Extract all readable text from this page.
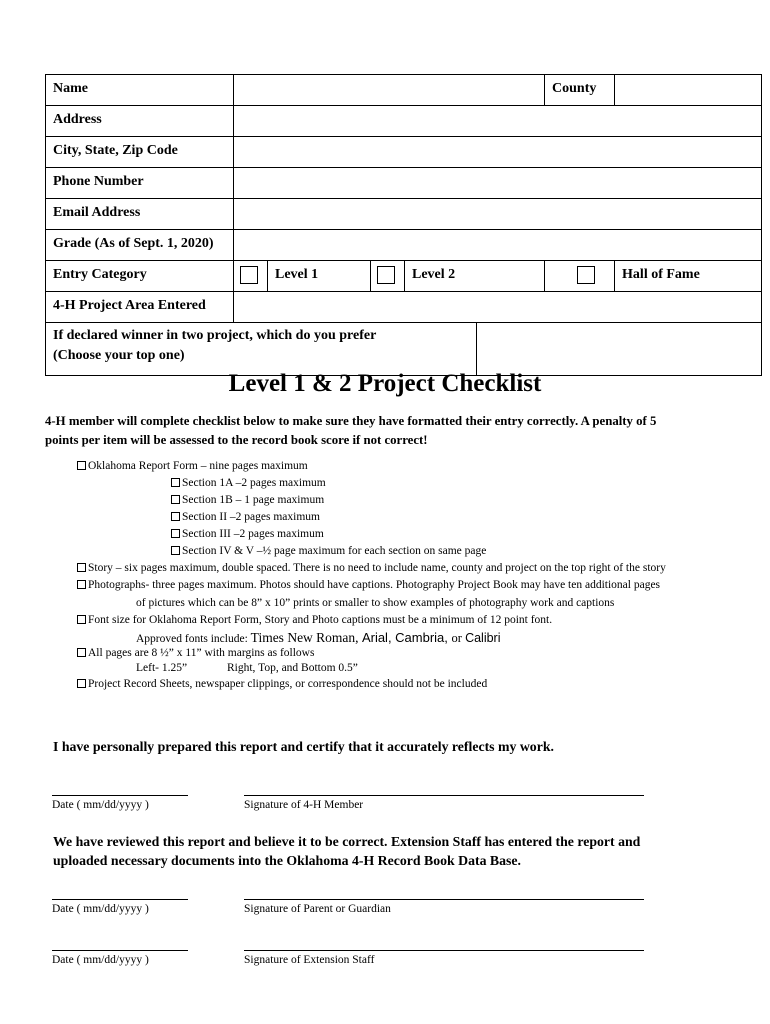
Name						County	

Address							

City, State, Zip Code							

Phone Number							

Email Address							

Grade (As of Sept. 1, 2020)							

Entry Category		Level 1		Level 2			Hall of Fame

4-H Project Area Entered							

If declared winner in two project, which do you prefer
(Choose your top one)							

Level 1 & 2 Project Checklist
4-H member will complete checklist below to make sure they have formatted their entry correctly. A penalty of 5
points per item will be assessed to the record book score if not correct!
Oklahoma Report Form – nine pages maximum
Section 1A –2 pages maximum
Section 1B – 1 page maximum
Section II –2 pages maximum
Section III –2 pages maximum
Section IV & V –½ page maximum for each section on same page
Story – six pages maximum, double spaced. There is no need to include name, county and project on the top right of the story
Photographs- three pages maximum. Photos should have captions. Photography Project Book may have ten additional pages
of pictures which can be 8” x 10” prints or smaller to show examples of photography work and captions
Font size for Oklahoma Report Form, Story and Photo captions must be a minimum of 12 point font.
Approved fonts include: Times New Roman, Arial, Cambria, or Calibri
All pages are 8 ½” x 11” with margins as follows
Left- 1.25”	Right, Top, and Bottom 0.5”
Project Record Sheets, newspaper clippings, or correspondence should not be included
I have personally prepared this report and certify that it accurately reflects my work.
Date ( mm/dd/yyyy )	Signature of 4-H Member
We have reviewed this report and believe it to be correct. Extension Staff has entered the report and
uploaded necessary documents into the Oklahoma 4-H Record Book Data Base.
Date ( mm/dd/yyyy )	Signature of Parent or Guardian
Date ( mm/dd/yyyy )	Signature of Extension Staff
